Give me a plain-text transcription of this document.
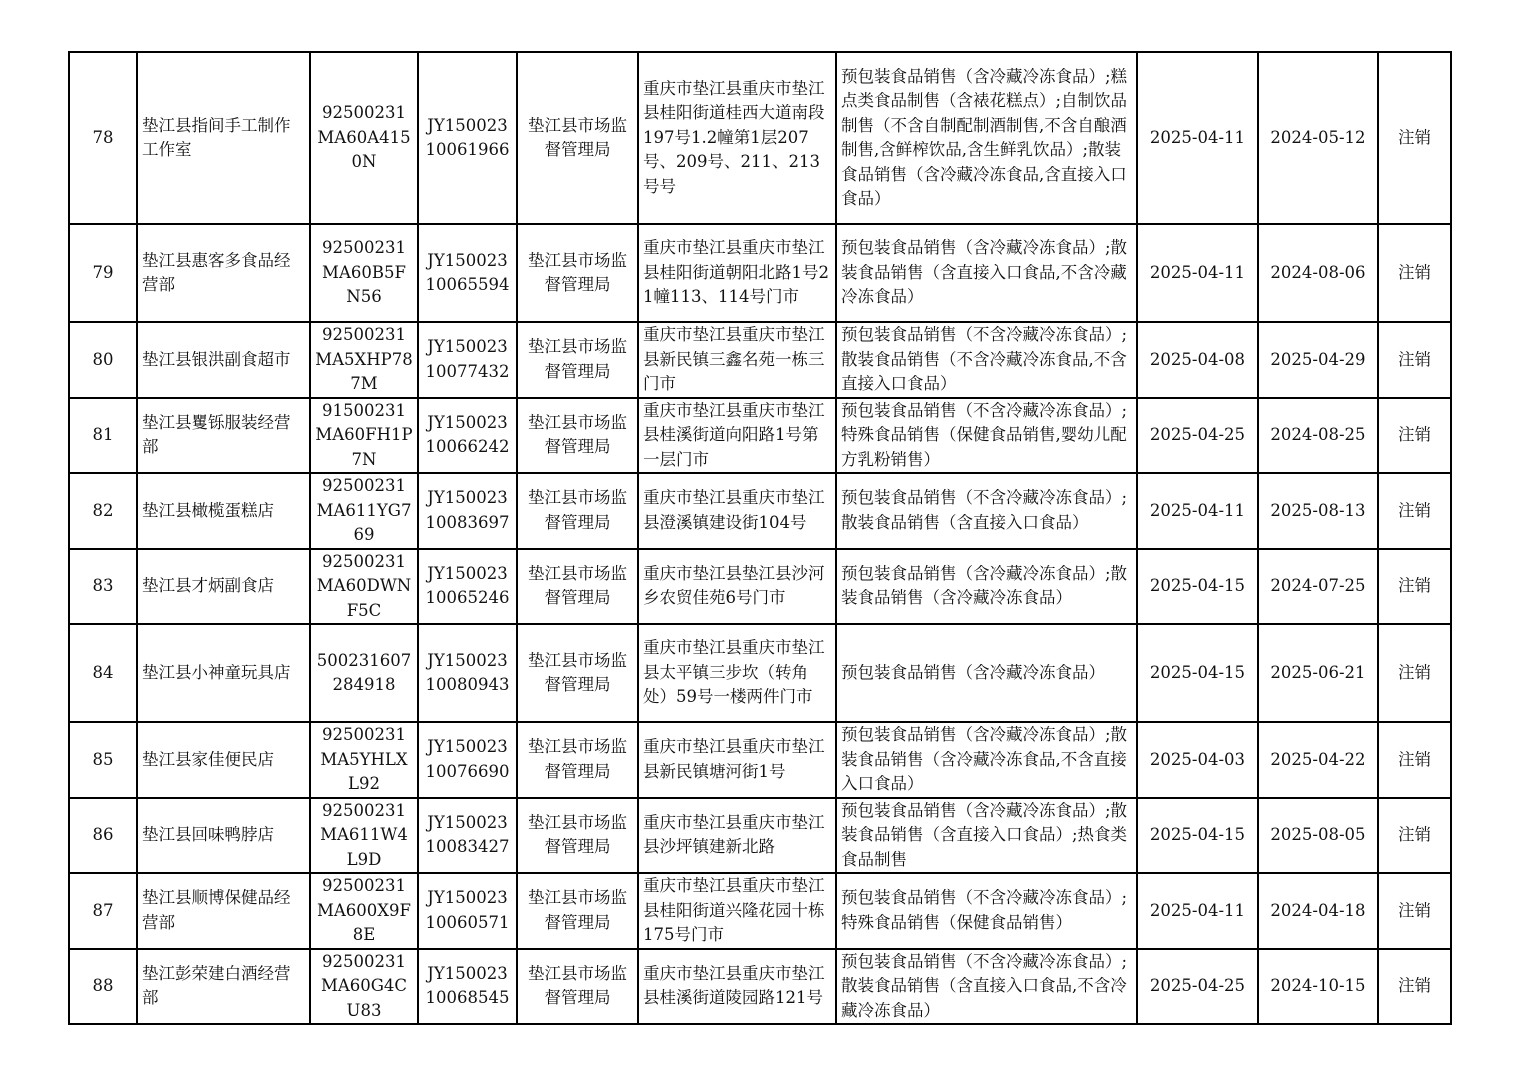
78	垫江县指间手工制作工作室	92500231MA60A4150N	JY15002310061966	垫江县市场监督管理局	重庆市垫江县重庆市垫江县桂阳街道桂西大道南段197号1.2幢第1层207号、209号、211、213号号	预包装食品销售（含冷藏冷冻食品）;糕点类食品制售（含裱花糕点）;自制饮品制售（不含自制配制酒制售,不含自酿酒制售,含鲜榨饮品,含生鲜乳饮品）;散装食品销售（含冷藏冷冻食品,含直接入口食品）	2025-04-11	2024-05-12	注销
79	垫江县惠客多食品经营部	92500231MA60B5FN56	JY15002310065594	垫江县市场监督管理局	重庆市垫江县重庆市垫江县桂阳街道朝阳北路1号21幢113、114号门市	预包装食品销售（含冷藏冷冻食品）;散装食品销售（含直接入口食品,不含冷藏冷冻食品）	2025-04-11	2024-08-06	注销
80	垫江县银洪副食超市	92500231MA5XHP787M	JY15002310077432	垫江县市场监督管理局	重庆市垫江县重庆市垫江县新民镇三鑫名苑一栋三门市	预包装食品销售（不含冷藏冷冻食品）;散装食品销售（不含冷藏冷冻食品,不含直接入口食品）	2025-04-08	2025-04-29	注销
81	垫江县矍铄服装经营部	91500231MA60FH1P7N	JY15002310066242	垫江县市场监督管理局	重庆市垫江县重庆市垫江县桂溪街道向阳路1号第一层门市	预包装食品销售（不含冷藏冷冻食品）;特殊食品销售（保健食品销售,婴幼儿配方乳粉销售）	2025-04-25	2024-08-25	注销
82	垫江县橄榄蛋糕店	92500231MA611YG769	JY15002310083697	垫江县市场监督管理局	重庆市垫江县重庆市垫江县澄溪镇建设街104号	预包装食品销售（不含冷藏冷冻食品）;散装食品销售（含直接入口食品）	2025-04-11	2025-08-13	注销
83	垫江县才炳副食店	92500231MA60DWNF5C	JY15002310065246	垫江县市场监督管理局	重庆市垫江县垫江县沙河乡农贸佳苑6号门市	预包装食品销售（含冷藏冷冻食品）;散装食品销售（含冷藏冷冻食品）	2025-04-15	2024-07-25	注销
84	垫江县小神童玩具店	500231607284918	JY15002310080943	垫江县市场监督管理局	重庆市垫江县重庆市垫江县太平镇三步坎（转角处）59号一楼两件门市	预包装食品销售（含冷藏冷冻食品）	2025-04-15	2025-06-21	注销
85	垫江县家佳便民店	92500231MA5YHLXL92	JY15002310076690	垫江县市场监督管理局	重庆市垫江县重庆市垫江县新民镇塘河街1号	预包装食品销售（含冷藏冷冻食品）;散装食品销售（含冷藏冷冻食品,不含直接入口食品）	2025-04-03	2025-04-22	注销
86	垫江县回味鸭脖店	92500231MA611W4L9D	JY15002310083427	垫江县市场监督管理局	重庆市垫江县重庆市垫江县沙坪镇建新北路	预包装食品销售（含冷藏冷冻食品）;散装食品销售（含直接入口食品）;热食类食品制售	2025-04-15	2025-08-05	注销
87	垫江县顺博保健品经营部	92500231MA600X9F8E	JY15002310060571	垫江县市场监督管理局	重庆市垫江县重庆市垫江县桂阳街道兴隆花园十栋175号门市	预包装食品销售（不含冷藏冷冻食品）;特殊食品销售（保健食品销售）	2025-04-11	2024-04-18	注销
88	垫江彭荣建白酒经营部	92500231MA60G4CU83	JY15002310068545	垫江县市场监督管理局	重庆市垫江县重庆市垫江县桂溪街道陵园路121号	预包装食品销售（不含冷藏冷冻食品）;散装食品销售（含直接入口食品,不含冷藏冷冻食品）	2025-04-25	2024-10-15	注销
